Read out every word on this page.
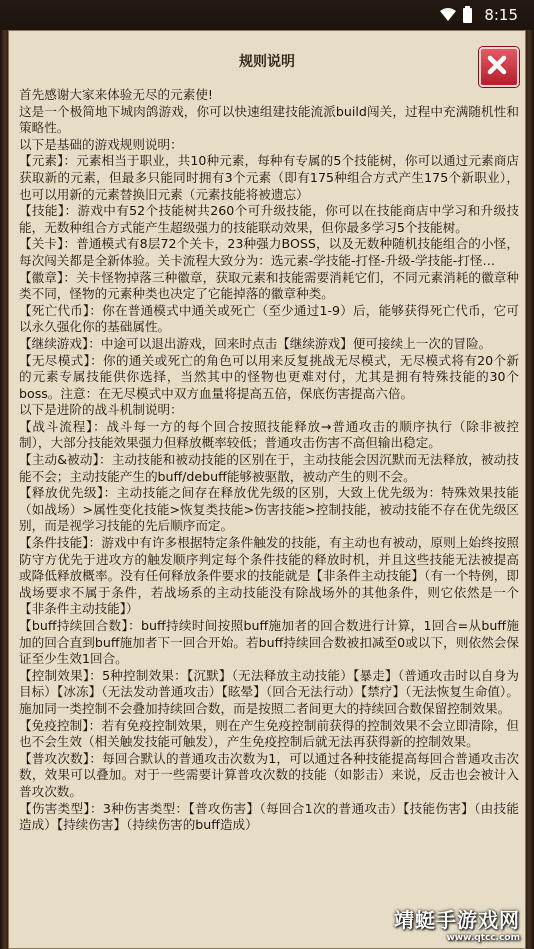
8:15
规则说明

首先感谢大家来体验无尽的元素使!

这是一个极简地下城肉鸽游戏，你可以快速组建技能流派build闯关，过程中充满随机性和策略性。

以下是基础的游戏规则说明：

【元素】：元素相当于职业，共10种元素，每种有专属的5个技能树，你可以通过元素商店获取新的元素，但最多只能同时拥有3个元素（即有175种组合方式产生175个新职业），也可以用新的元素替换旧元素（元素技能将被遗忘）

【技能】：游戏中有52个技能树共260个可升级技能，你可以在技能商店中学习和升级技能，无数种组合方式能产生超级强力的技能联动效果，但你最多学习5个技能树。

【关卡】：普通模式有8层72个关卡，23种强力BOSS，以及无数种随机技能组合的小怪，每次闯关都是全新体验。关卡流程大致分为：选元素-学技能-打怪-升级-学技能-打怪…

【徽章】：关卡怪物掉落三种徽章，获取元素和技能需要消耗它们，不同元素消耗的徽章种类不同，怪物的元素种类也决定了它能掉落的徽章种类。

【死亡代币】：你在普通模式中通关或死亡（至少通过1-9）后，能够获得死亡代币，它可以永久强化你的基础属性。

【继续游戏】：中途可以退出游戏，回来时点击【继续游戏】便可接续上一次的冒险。

【无尽模式】：你的通关或死亡的角色可以用来反复挑战无尽模式，无尽模式将有20个新的元素专属技能供你选择，当然其中的怪物也更难对付，尤其是拥有特殊技能的30个boss。注意：在无尽模式中双方血量将提高五倍，保底伤害提高六倍。

以下是进阶的战斗机制说明：

【战斗流程】：战斗每一方的每个回合按照技能释放→普通攻击的顺序执行（除非被控制），大部分技能效果强力但释放概率较低；普通攻击伤害不高但输出稳定。

【主动&被动】：主动技能和被动技能的区别在于，主动技能会因沉默而无法释放，被动技能不会；主动技能产生的buff/debuff能够被驱散，被动产生的则不会。

【释放优先级】：主动技能之间存在释放优先级的区别，大致上优先级为：特殊效果技能（如战场）>属性变化技能>恢复类技能>伤害技能>控制技能，被动技能不存在优先级区别，而是视学习技能的先后顺序而定。

【条件技能】：游戏中有许多根据特定条件触发的技能，有主动也有被动，原则上始终按照防守方优先于进攻方的触发顺序判定每个条件技能的释放时机，并且这些技能无法被提高或降低释放概率。没有任何释放条件要求的技能就是【非条件主动技能】（有一个特例，即战场要求不属于条件，若战场系的主动技能没有除战场外的其他条件，则它依然是一个【非条件主动技能】）

【buff持续回合数】：buff持续时间按照buff施加者的回合数进行计算，1回合=从buff施加的回合直到buff施加者下一回合开始。若buff持续回合数被扣减至0或以下，则依然会保证至少生效1回合。

【控制效果】：5种控制效果：【沉默】（无法释放主动技能）【暴走】（普通攻击时以自身为目标）【冰冻】（无法发动普通攻击）【眩晕】（回合无法行动）【禁疗】（无法恢复生命值）。施加同一类控制不会叠加持续回合数，而是按照二者间更大的持续回合数保留控制效果。

【免疫控制】：若有免疫控制效果，则在产生免疫控制前获得的控制效果不会立即清除，但也不会生效（相关触发技能可触发），产生免疫控制后就无法再获得新的控制效果。

【普攻次数】：每回合默认的普通攻击次数为1，可以通过各种技能提高每回合普通攻击次数，效果可以叠加。对于一些需要计算普攻次数的技能（如影击）来说，反击也会被计入普攻次数。

【伤害类型】：3种伤害类型：【普攻伤害】（每回合1次的普通攻击）【技能伤害】（由技能造成）【持续伤害】（持续伤害的buff造成）

靖蜓手游戏网
www.qtcc.com
